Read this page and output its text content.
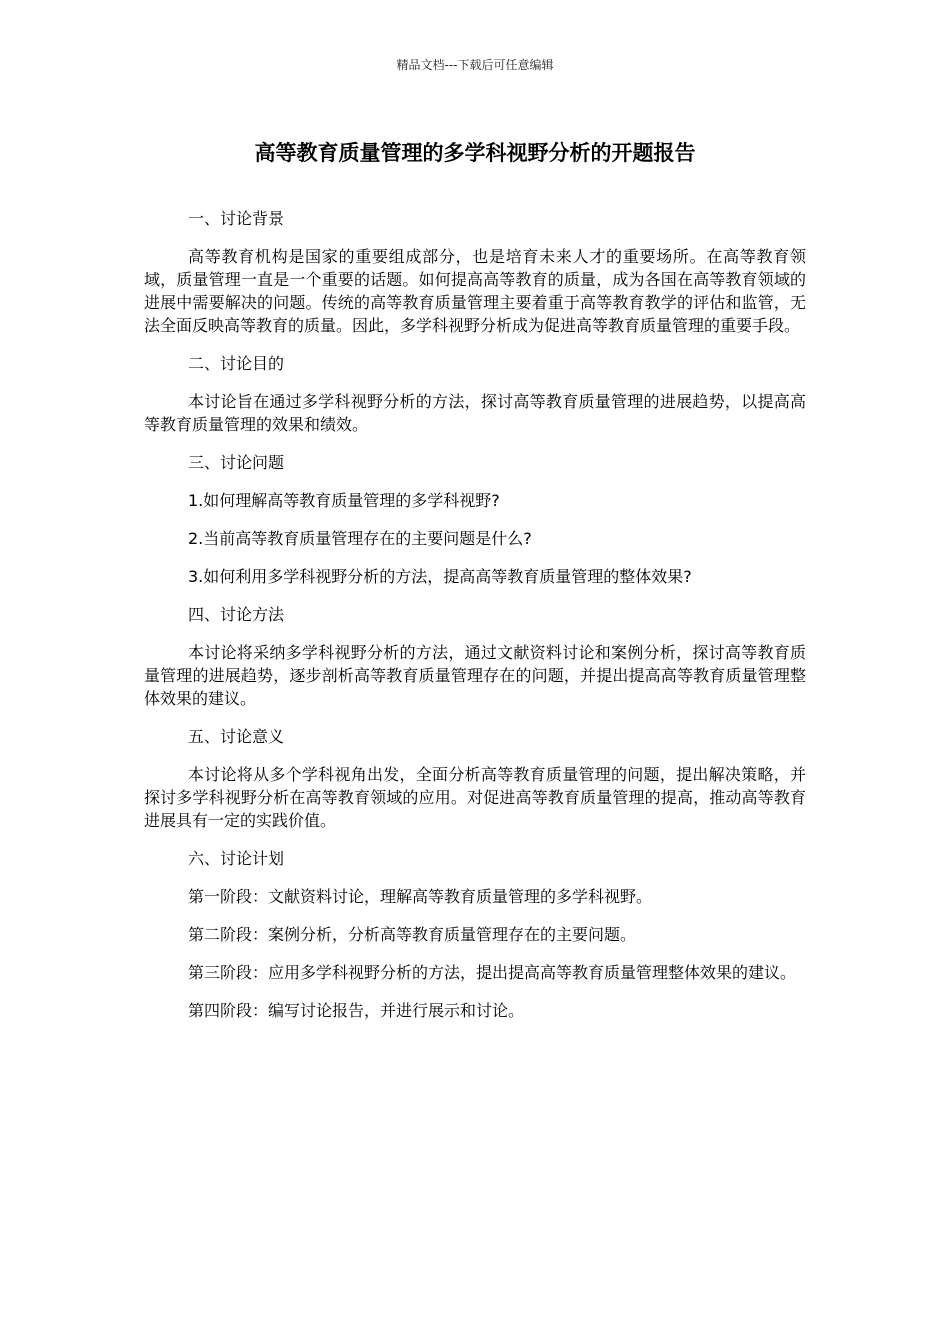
精品文档---下载后可任意编辑
高等教育质量管理的多学科视野分析的开题报告

一、讨论背景

高等教育机构是国家的重要组成部分，也是培育未来人才的重要场所。在高等教育领域，质量管理一直是一个重要的话题。如何提高高等教育的质量，成为各国在高等教育领域的进展中需要解决的问题。传统的高等教育质量管理主要着重于高等教育教学的评估和监管，无法全面反映高等教育的质量。因此，多学科视野分析成为促进高等教育质量管理的重要手段。

二、讨论目的

本讨论旨在通过多学科视野分析的方法，探讨高等教育质量管理的进展趋势，以提高高等教育质量管理的效果和绩效。

三、讨论问题

1.如何理解高等教育质量管理的多学科视野?

2.当前高等教育质量管理存在的主要问题是什么?

3.如何利用多学科视野分析的方法，提高高等教育质量管理的整体效果?

四、讨论方法

本讨论将采纳多学科视野分析的方法，通过文献资料讨论和案例分析，探讨高等教育质量管理的进展趋势，逐步剖析高等教育质量管理存在的问题，并提出提高高等教育质量管理整体效果的建议。

五、讨论意义

本讨论将从多个学科视角出发，全面分析高等教育质量管理的问题，提出解决策略，并探讨多学科视野分析在高等教育领域的应用。对促进高等教育质量管理的提高，推动高等教育进展具有一定的实践价值。

六、讨论计划

第一阶段：文献资料讨论，理解高等教育质量管理的多学科视野。

第二阶段：案例分析，分析高等教育质量管理存在的主要问题。

第三阶段：应用多学科视野分析的方法，提出提高高等教育质量管理整体效果的建议。

第四阶段：编写讨论报告，并进行展示和讨论。
